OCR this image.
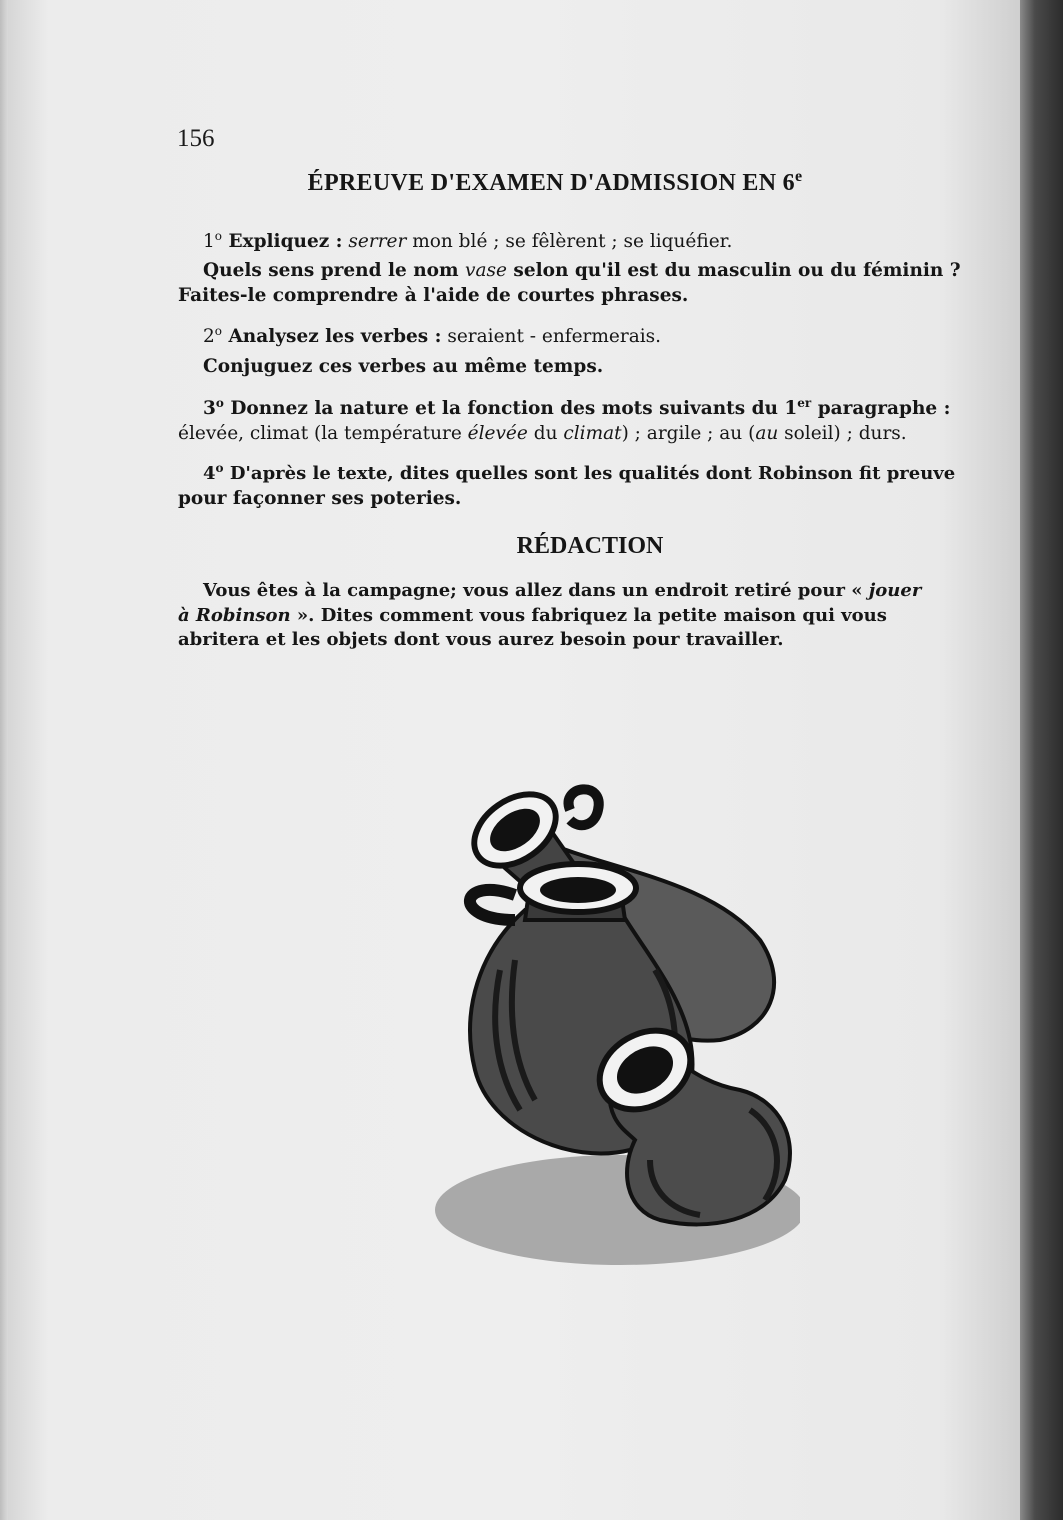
156
ÉPREUVE D'EXAMEN D'ADMISSION EN 6e
1$^o$ Expliquez : serrer mon blé ; se fêlèrent ; se liquéfier.
Quels sens prend le nom vase selon qu'il est du masculin ou du féminin ?
Faites-le comprendre à l'aide de courtes phrases.
2$^o$ Analysez les verbes : seraient - enfermerais.
Conjuguez ces verbes au même temps.
3$^o$ Donnez la nature et la fonction des mots suivants du 1er paragraphe :
élevée, climat (la température élevée du climat) ; argile ; au (au soleil) ; durs.
4$^o$ D'après le texte, dites quelles sont les qualités dont Robinson fit preuve
pour façonner ses poteries.
RÉDACTION
Vous êtes à la campagne; vous allez dans un endroit retiré pour « jouer
à Robinson ». Dites comment vous fabriquez la petite maison qui vous
abritera et les objets dont vous aurez besoin pour travailler.
